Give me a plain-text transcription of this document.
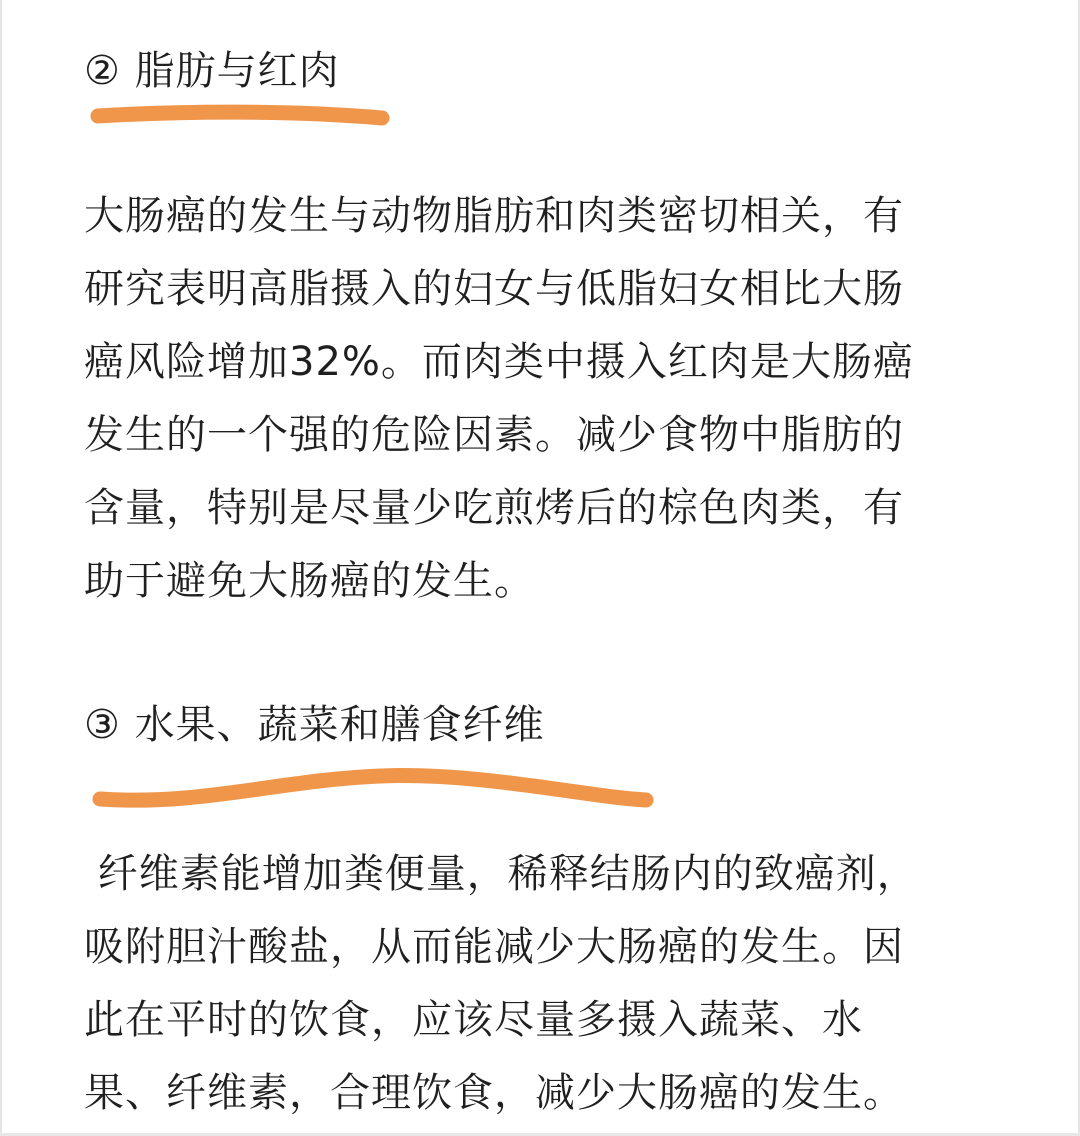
② 脂肪与红肉
大肠癌的发生与动物脂肪和肉类密切相关，有
研究表明高脂摄入的妇女与低脂妇女相比大肠
癌风险增加32%。而肉类中摄入红肉是大肠癌
发生的一个强的危险因素。减少食物中脂肪的
含量，特别是尽量少吃煎烤后的棕色肉类，有
助于避免大肠癌的发生。
③ 水果、蔬菜和膳食纤维
纤维素能增加粪便量，稀释结肠内的致癌剂，
吸附胆汁酸盐，从而能减少大肠癌的发生。因
此在平时的饮食，应该尽量多摄入蔬菜、水
果、纤维素，合理饮食，减少大肠癌的发生。
